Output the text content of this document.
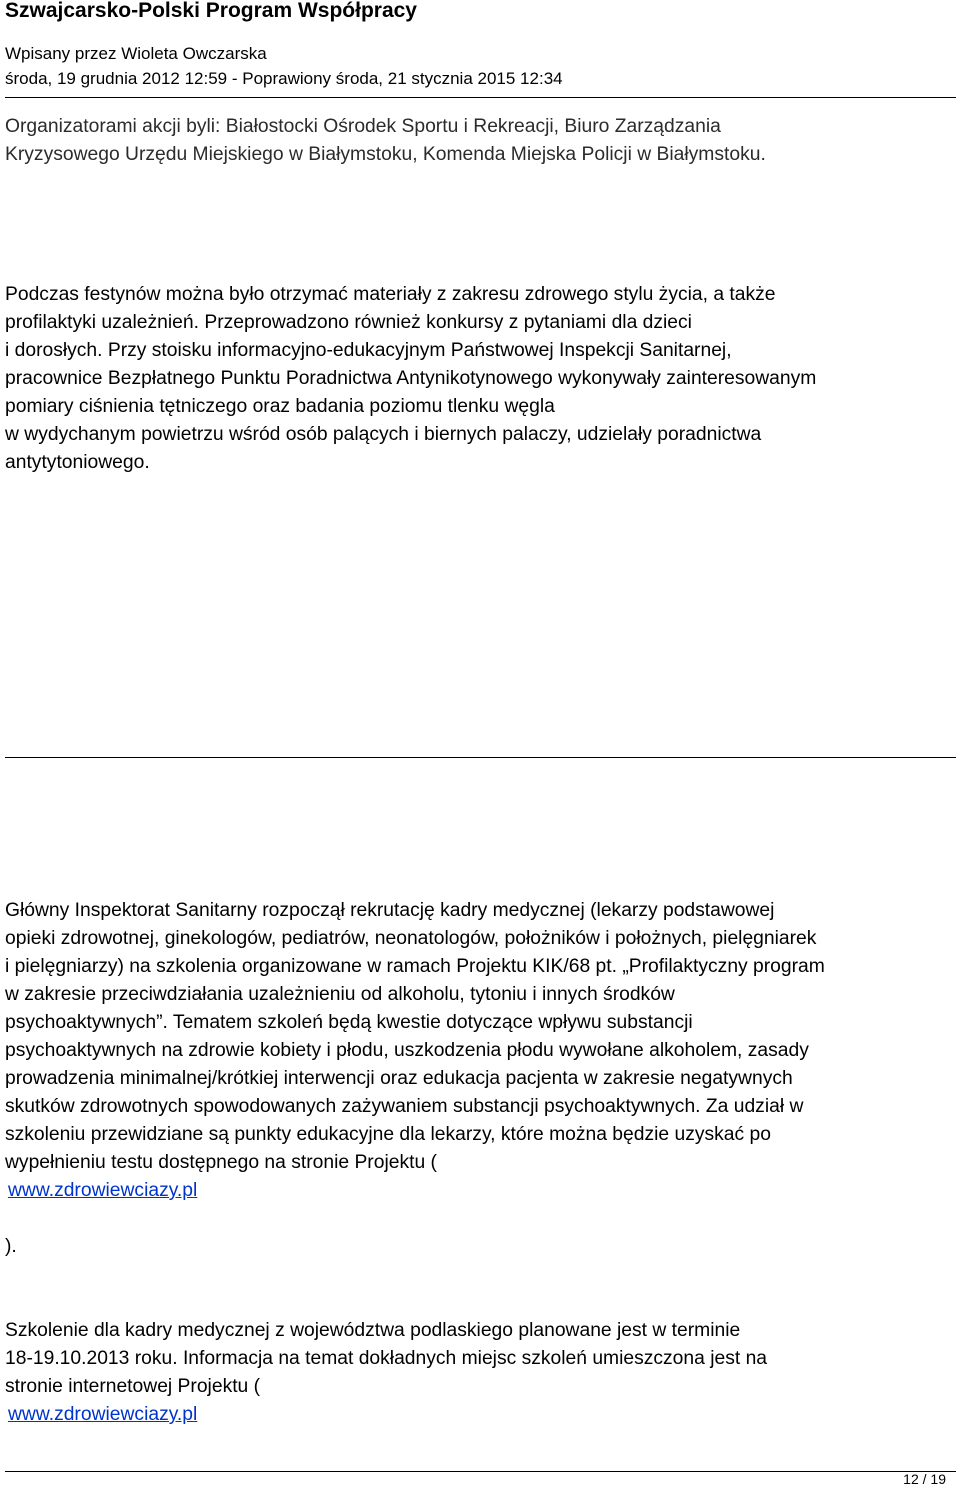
Szwajcarsko-Polski Program Współpracy
Wpisany przez Wioleta Owczarska
środa, 19 grudnia 2012 12:59 - Poprawiony środa, 21 stycznia 2015 12:34

Organizatorami akcji byli: Białostocki Ośrodek Sportu i Rekreacji, Biuro Zarządzania
Kryzysowego Urzędu Miejskiego w Białymstoku, Komenda Miejska Policji w Białymstoku.

Podczas festynów można było otrzymać materiały z zakresu zdrowego stylu życia, a także
profilaktyki uzależnień. Przeprowadzono również konkursy z pytaniami dla dzieci
i dorosłych. Przy stoisku informacyjno-edukacyjnym Państwowej Inspekcji Sanitarnej,
pracownice Bezpłatnego Punktu Poradnictwa Antynikotynowego wykonywały zainteresowanym
pomiary ciśnienia tętniczego oraz badania poziomu tlenku węgla
w wydychanym powietrzu wśród osób palących i biernych palaczy, udzielały poradnictwa
antytytoniowego.

Główny Inspektorat Sanitarny rozpoczął rekrutację kadry medycznej (lekarzy podstawowej
opieki zdrowotnej, ginekologów, pediatrów, neonatologów, położników i położnych, pielęgniarek
i pielęgniarzy) na szkolenia organizowane w ramach Projektu KIK/68 pt. „Profilaktyczny program
w zakresie przeciwdziałania uzależnieniu od alkoholu, tytoniu i innych środków
psychoaktywnych”. Tematem szkoleń będą kwestie dotyczące wpływu substancji
psychoaktywnych na zdrowie kobiety i płodu, uszkodzenia płodu wywołane alkoholem, zasady
prowadzenia minimalnej/krótkiej interwencji oraz edukacja pacjenta w zakresie negatywnych
skutków zdrowotnych spowodowanych zażywaniem substancji psychoaktywnych. Za udział w
szkoleniu przewidziane są punkty edukacyjne dla lekarzy, które można będzie uzyskać po
wypełnieniu testu dostępnego na stronie Projektu (

www.zdrowiewciazy.pl

).

Szkolenie dla kadry medycznej z województwa podlaskiego planowane jest w terminie
18-19.10.2013 roku. Informacja na temat dokładnych miejsc szkoleń umieszczona jest na
stronie internetowej Projektu (

www.zdrowiewciazy.pl

12 / 19
